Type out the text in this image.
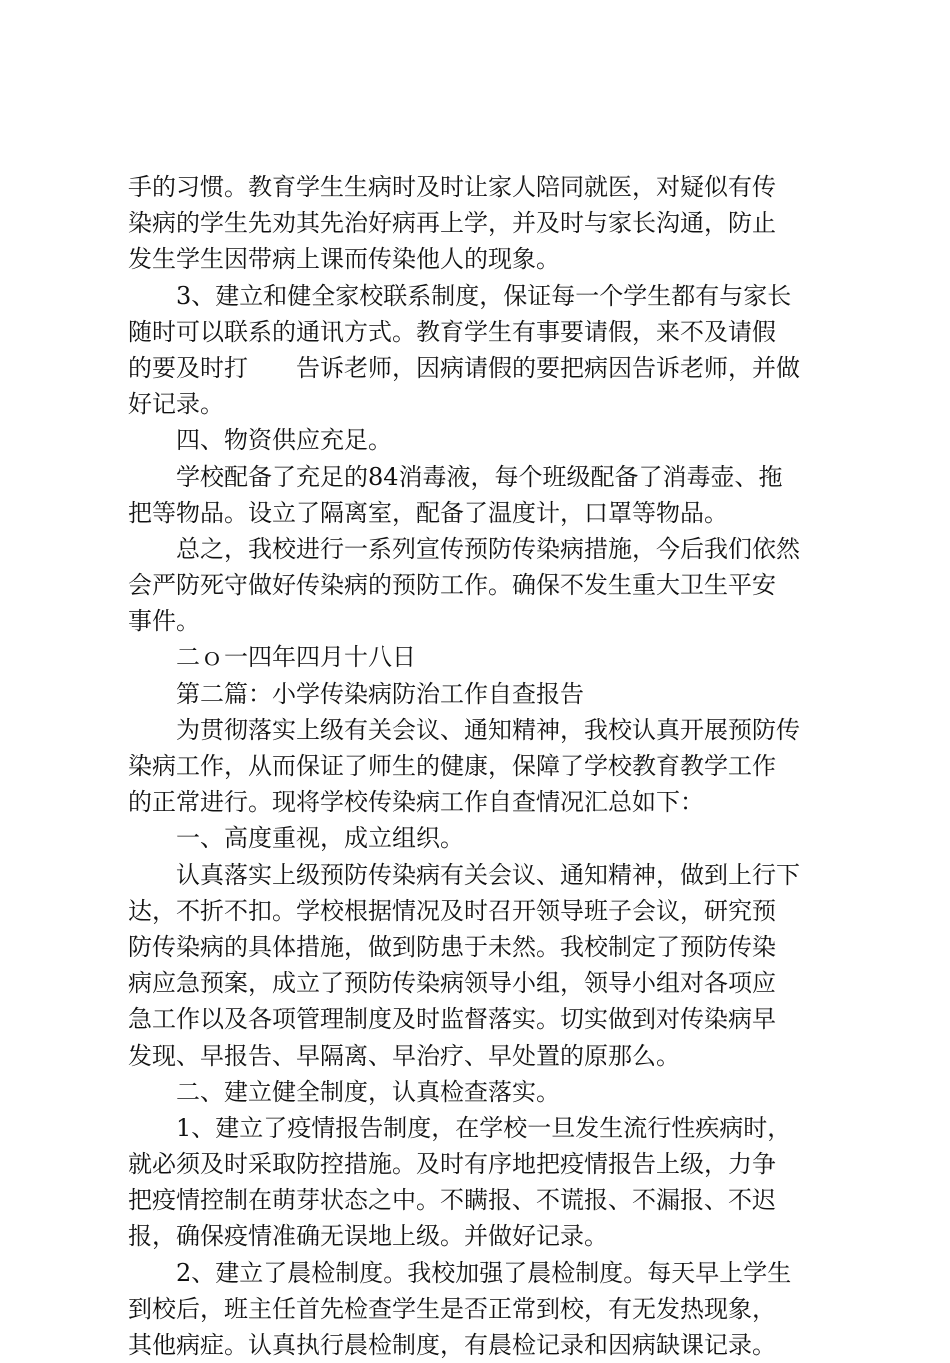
手的习惯。教育学生生病时及时让家人陪同就医，对疑似有传
染病的学生先劝其先治好病再上学，并及时与家长沟通，防止
发生学生因带病上课而传染他人的现象。
3、建立和健全家校联系制度，保证每一个学生都有与家长
随时可以联系的通讯方式。教育学生有事要请假，来不及请假
的要及时打 告诉老师，因病请假的要把病因告诉老师，并做
好记录。
四、物资供应充足。
学校配备了充足的84消毒液，每个班级配备了消毒壶、拖
把等物品。设立了隔离室，配备了温度计，口罩等物品。
总之，我校进行一系列宣传预防传染病措施，今后我们依然
会严防死守做好传染病的预防工作。确保不发生重大卫生平安
事件。
二ｏ一四年四月十八日
第二篇：小学传染病防治工作自查报告
为贯彻落实上级有关会议、通知精神，我校认真开展预防传
染病工作，从而保证了师生的健康，保障了学校教育教学工作
的正常进行。现将学校传染病工作自查情况汇总如下：
一、高度重视，成立组织。
认真落实上级预防传染病有关会议、通知精神，做到上行下
达，不折不扣。学校根据情况及时召开领导班子会议，研究预
防传染病的具体措施，做到防患于未然。我校制定了预防传染
病应急预案，成立了预防传染病领导小组，领导小组对各项应
急工作以及各项管理制度及时监督落实。切实做到对传染病早
发现、早报告、早隔离、早治疗、早处置的原那么。
二、建立健全制度，认真检查落实。
1、建立了疫情报告制度，在学校一旦发生流行性疾病时，
就必须及时采取防控措施。及时有序地把疫情报告上级，力争
把疫情控制在萌芽状态之中。不瞒报、不谎报、不漏报、不迟
报，确保疫情准确无误地上级。并做好记录。
2、建立了晨检制度。我校加强了晨检制度。每天早上学生
到校后，班主任首先检查学生是否正常到校，有无发热现象，
其他病症。认真执行晨检制度，有晨检记录和因病缺课记录。
